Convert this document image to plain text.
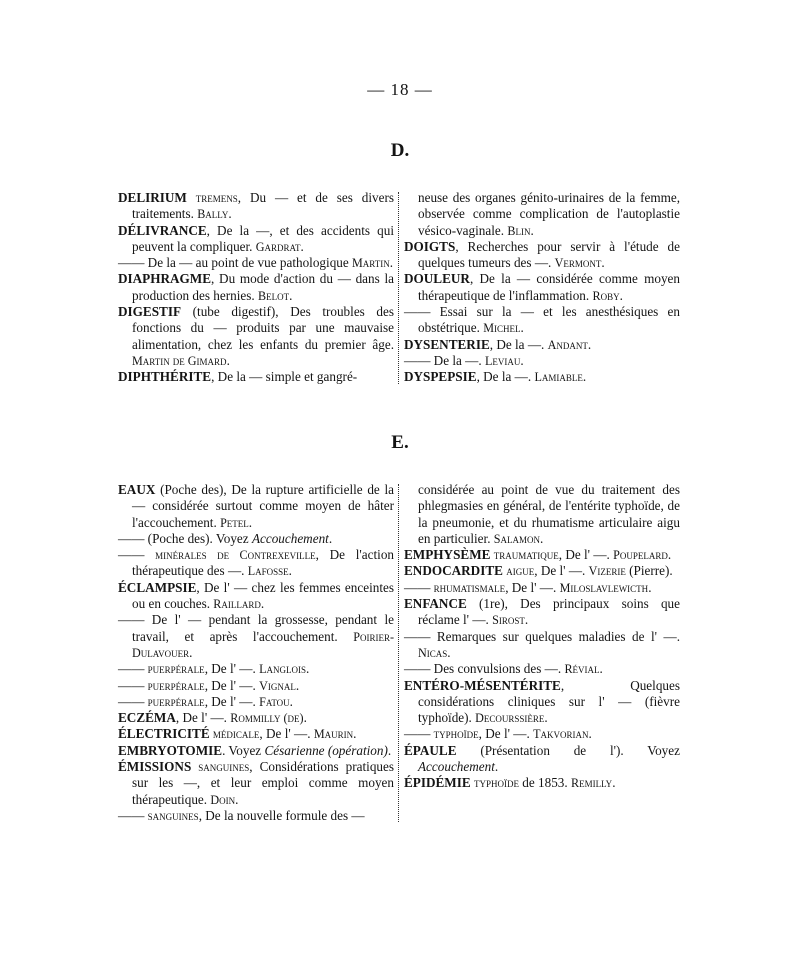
— 18 —
D.
DELIRIUM tremens, Du — et de ses divers traitements. Bally.
DÉLIVRANCE, De la —, et des accidents qui peuvent la compliquer. Gardrat.
—— De la — au point de vue pathologique Martin.
DIAPHRAGME, Du mode d'action du — dans la production des hernies. Belot.
DIGESTIF (tube digestif), Des troubles des fonctions du — produits par une mauvaise alimentation, chez les enfants du premier âge. Martin de Gimard.
DIPHTHÉRITE, De la — simple et gangré-
neuse des organes génito-urinaires de la femme, observée comme complication de l'autoplastie vésico-vaginale. Blin.
DOIGTS, Recherches pour servir à l'étude de quelques tumeurs des —. Vermont.
DOULEUR, De la — considérée comme moyen thérapeutique de l'inflammation. Roby.
—— Essai sur la — et les anesthésiques en obstétrique. Michel.
DYSENTERIE, De la —. Andant.
—— De la —. Leviau.
DYSPEPSIE, De la —. Lamiable.
E.
EAUX (Poche des), De la rupture artificielle de la — considérée surtout comme moyen de hâter l'accouchement. Petel.
—— (Poche des). Voyez Accouchement.
—— minérales de Contrexeville, De l'action thérapeutique des —. Lafosse.
ÉCLAMPSIE, De l' — chez les femmes enceintes ou en couches. Raillard.
—— De l' — pendant la grossesse, pendant le travail, et après l'accouchement. Poirier-Dulavouer.
—— puerpérale, De l' —. Langlois.
—— puerpérale, De l' —. Vignal.
—— puerpérale, De l' —. Fatou.
ECZÉMA, De l' —. Rommilly (de).
ÉLECTRICITÉ médicale, De l' —. Maurin.
EMBRYOTOMIE. Voyez Césarienne (opération).
ÉMISSIONS sanguines, Considérations pratiques sur les —, et leur emploi comme moyen thérapeutique. Doin.
—— sanguines, De la nouvelle formule des —
considérée au point de vue du traitement des phlegmasies en général, de l'entérite typhoïde, de la pneumonie, et du rhumatisme articulaire aigu en particulier. Salamon.
EMPHYSÈME traumatique, De l' —. Poupelard.
ENDOCARDITE aigue, De l' —. Vizerie (Pierre).
—— rhumatismale, De l' —. Miloslavlewicth.
ENFANCE (1re), Des principaux soins que réclame l' —. Sirost.
—— Remarques sur quelques maladies de l' —. Nicas.
—— Des convulsions des —. Révial.
ENTÉRO-MÉSENTÉRITE, Quelques considérations cliniques sur l' — (fièvre typhoïde). Decourssière.
—— typhoïde, De l' —. Takvorian.
ÉPAULE (Présentation de l'). Voyez Accouchement.
ÉPIDÉMIE typhoïde de 1853. Remilly.
